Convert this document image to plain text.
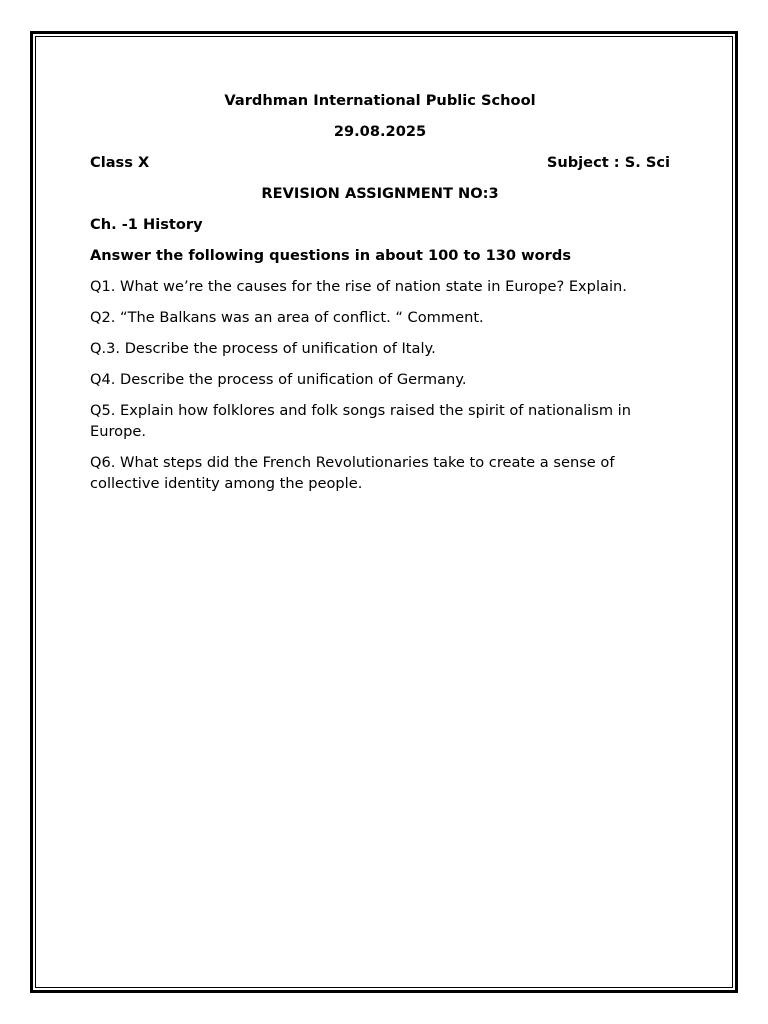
Vardhman International Public School

29.08.2025

Class X	Subject : S. Sci

REVISION ASSIGNMENT NO:3

Ch. -1 History

Answer the following questions in about 100 to 130 words

Q1. What we’re the causes for the rise of nation state in Europe? Explain.

Q2. “The Balkans was an area of conflict. “ Comment.

Q.3. Describe the process of unification of Italy.

Q4. Describe the process of unification of Germany.

Q5. Explain how folklores and folk songs raised the spirit of nationalism in Europe.

Q6. What steps did the French Revolutionaries take to create a sense of collective identity among the people.
